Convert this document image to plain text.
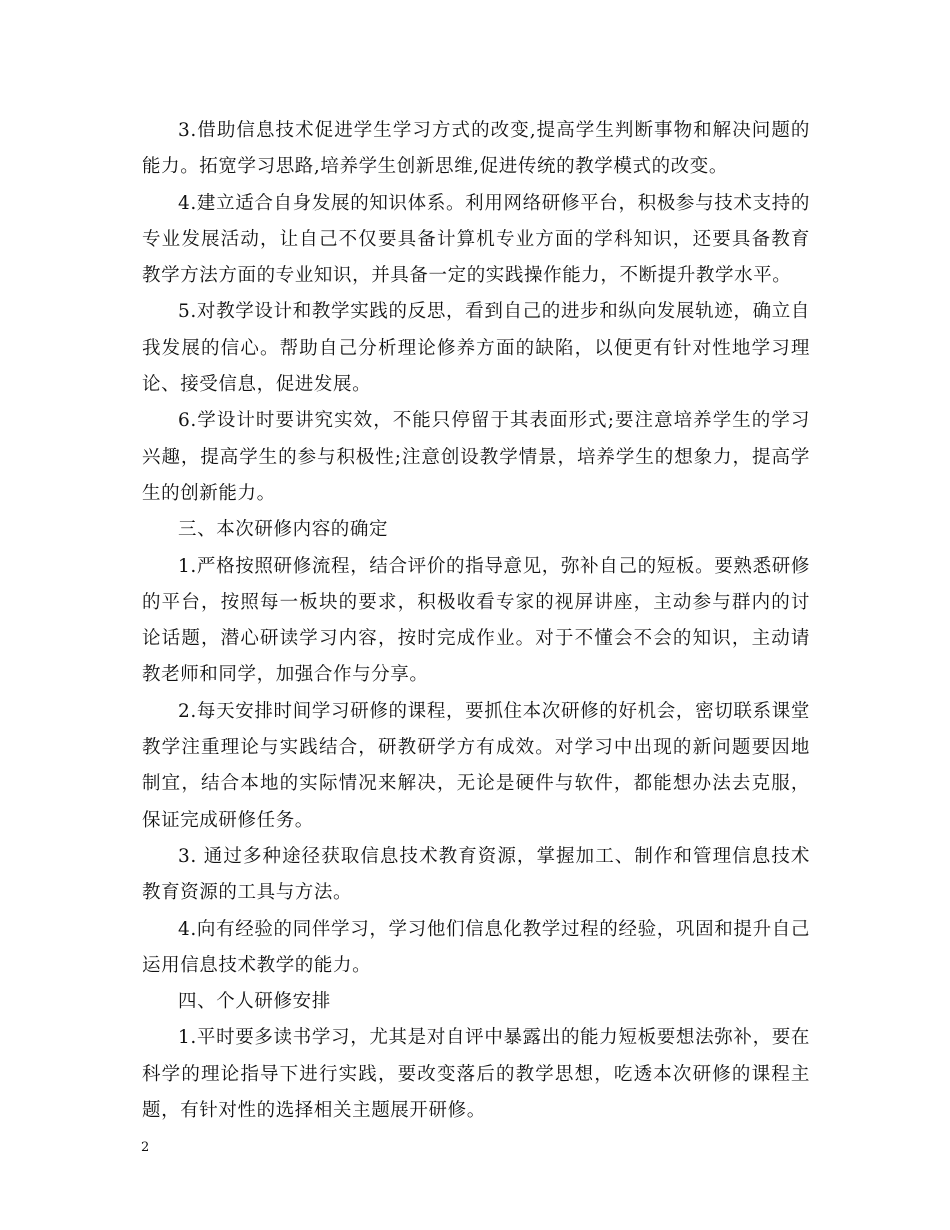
3.借助信息技术促进学生学习方式的改变,提高学生判断事物和解决问题的能力。拓宽学习思路,培养学生创新思维,促进传统的教学模式的改变。

4.建立适合自身发展的知识体系。利用网络研修平台，积极参与技术支持的专业发展活动，让自己不仅要具备计算机专业方面的学科知识，还要具备教育教学方法方面的专业知识，并具备一定的实践操作能力，不断提升教学水平。

5.对教学设计和教学实践的反思，看到自己的进步和纵向发展轨迹，确立自我发展的信心。帮助自己分析理论修养方面的缺陷，以便更有针对性地学习理论、接受信息，促进发展。

6.学设计时要讲究实效，不能只停留于其表面形式;要注意培养学生的学习兴趣，提高学生的参与积极性;注意创设教学情景，培养学生的想象力，提高学生的创新能力。

三、本次研修内容的确定

1.严格按照研修流程，结合评价的指导意见，弥补自己的短板。要熟悉研修的平台，按照每一板块的要求，积极收看专家的视屏讲座，主动参与群内的讨论话题，潜心研读学习内容，按时完成作业。对于不懂会不会的知识，主动请教老师和同学，加强合作与分享。

2.每天安排时间学习研修的课程，要抓住本次研修的好机会，密切联系课堂教学注重理论与实践结合，研教研学方有成效。对学习中出现的新问题要因地制宜，结合本地的实际情况来解决，无论是硬件与软件，都能想办法去克服，保证完成研修任务。

3. 通过多种途径获取信息技术教育资源，掌握加工、制作和管理信息技术教育资源的工具与方法。

4.向有经验的同伴学习，学习他们信息化教学过程的经验，巩固和提升自己运用信息技术教学的能力。

四、个人研修安排

1.平时要多读书学习，尤其是对自评中暴露出的能力短板要想法弥补，要在科学的理论指导下进行实践，要改变落后的教学思想，吃透本次研修的课程主题，有针对性的选择相关主题展开研修。

2
